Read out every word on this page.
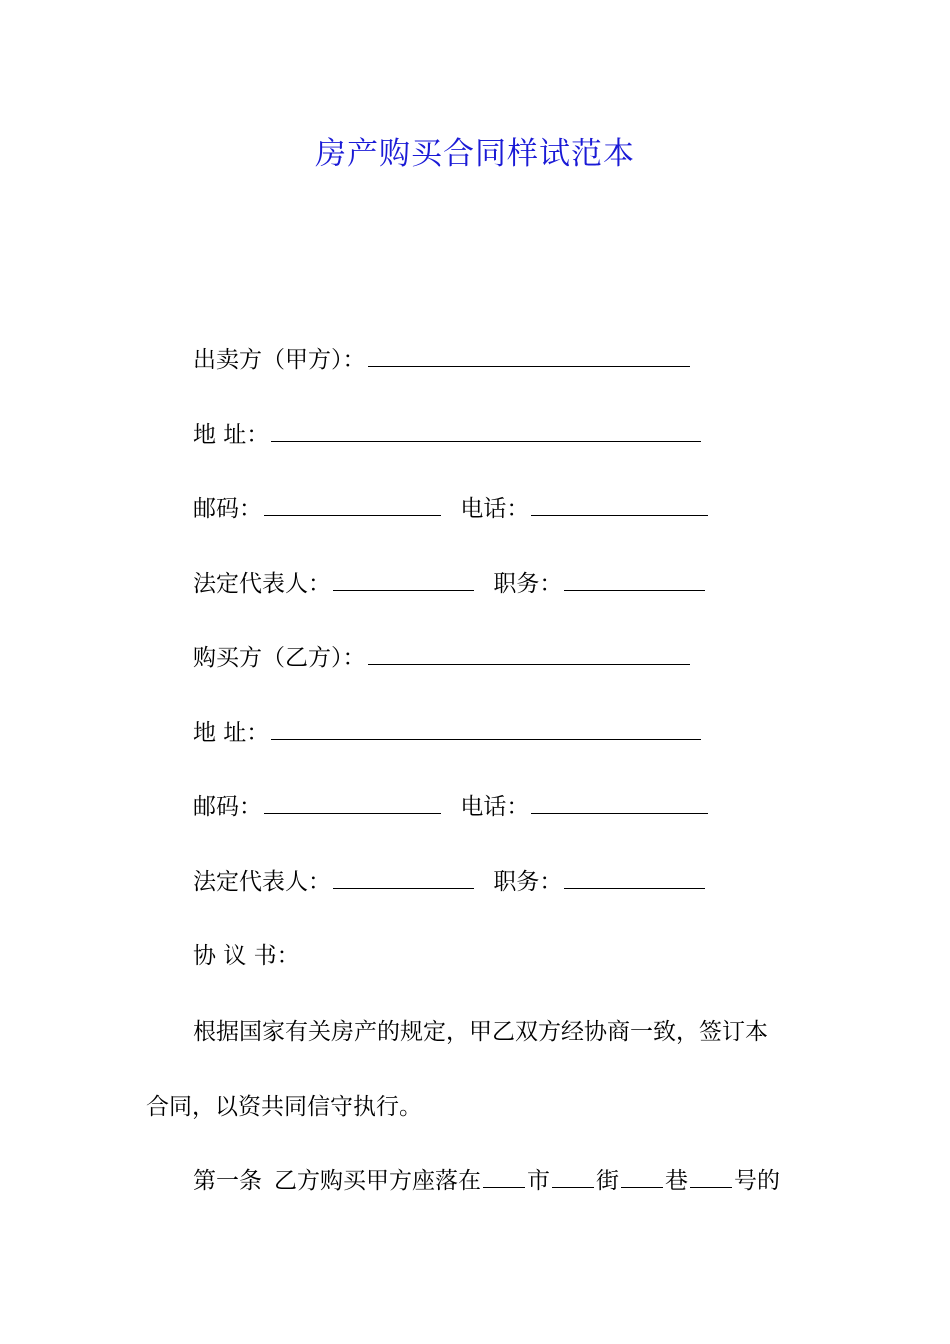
房产购买合同样试范本
出卖方（甲方）：
地 址：
邮码：	电话：
法定代表人：	职务：
购买方（乙方）：
地 址：
邮码：	电话：
法定代表人：	职务：
协 议 书：
根据国家有关房产的规定，甲乙双方经协商一致，签订本
合同，以资共同信守执行。
第一条 乙方购买甲方座落在 市 街 巷 号的
